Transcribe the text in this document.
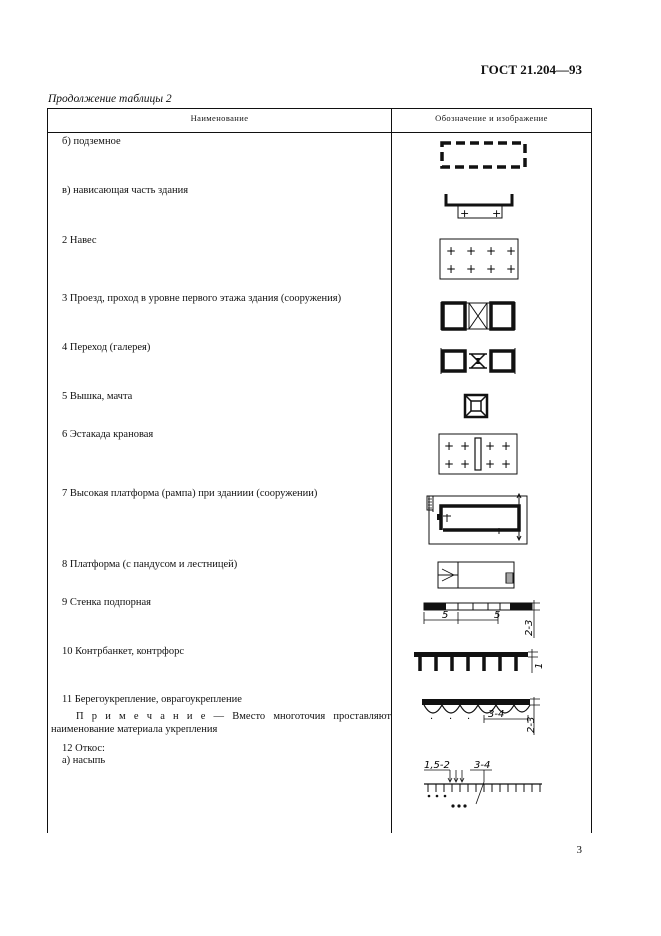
ГОСТ 21.204—93
Продолжение таблицы 2
Наименование	Обозначение и изображение
б) подземное
в) нависающая часть здания
2 Навес
3 Проезд, проход в уровне первого этажа здания (сооружения)
4 Переход (галерея)
5 Вышка, мачта
6 Эстакада крановая
7 Высокая платформа (рампа) при зданиии (сооружении)
8 Платформа (с пандусом и лестницей)
9 Стенка подпорная
10 Контрбанкет, контрфорс
11 Берегоукрепление, оврагоукрепление
П р и м е ч а н и е — Вместо многоточия проставляют
наименование материала укрепления
12 Откос:
а) насыпь
+ +
+ + + +
+ + + +
+ + + +
+ + + +
5	5
2-3
1
. . . 3-4
2-3
1,5-2 3-4
3
